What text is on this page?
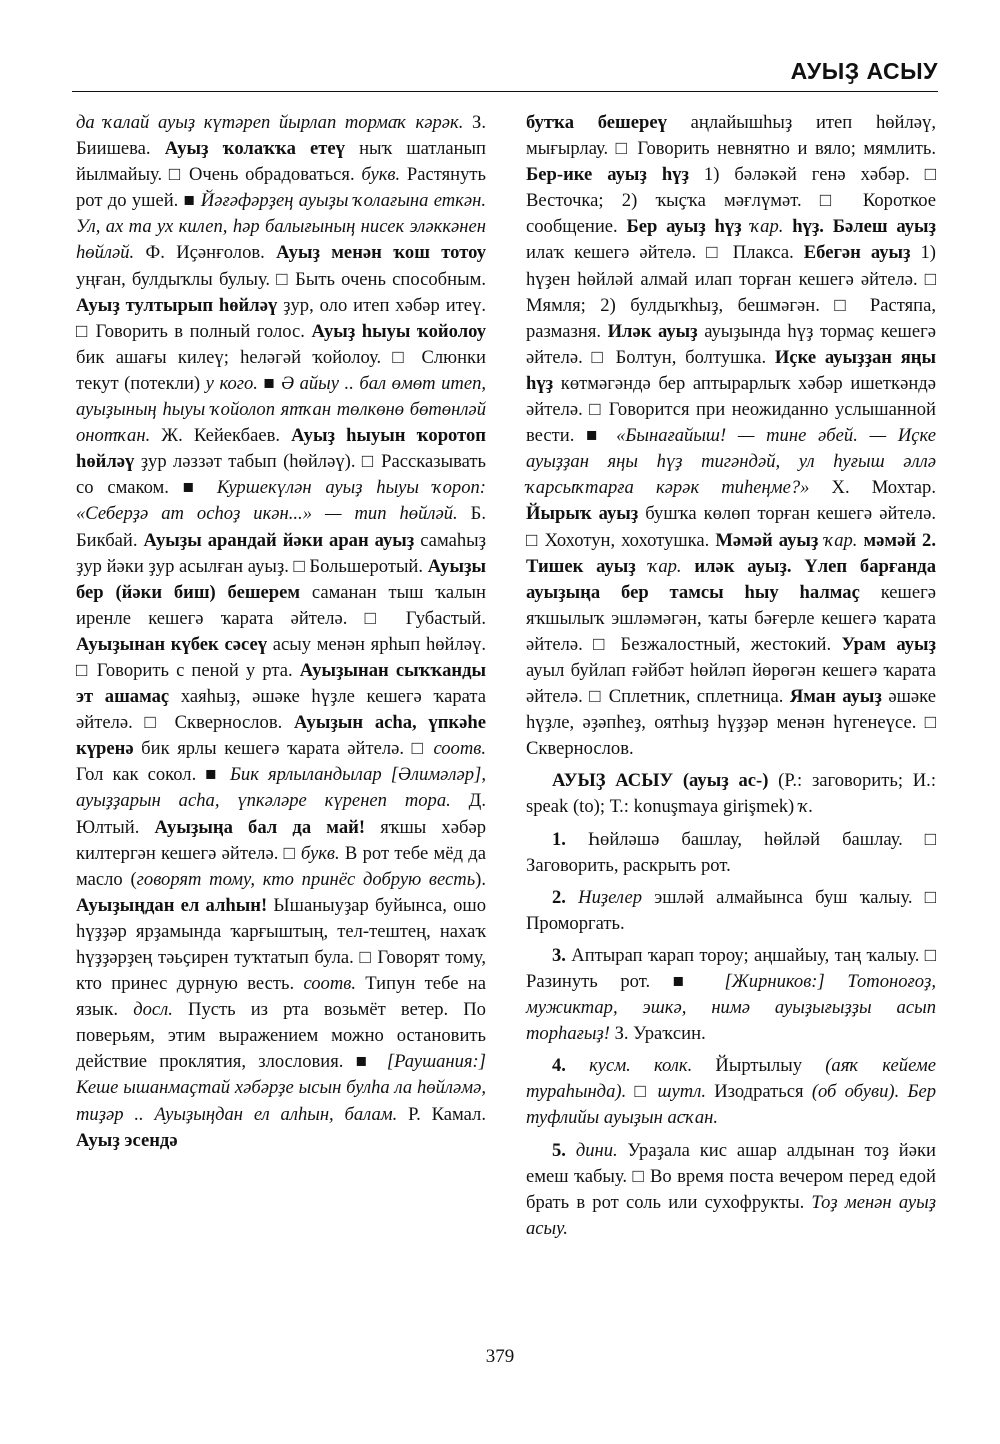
АУЫҘ АСЫУ

да ҡалай ауыҙ күтәреп йырлап тормаҡ кәрәк. З. Биишева. Ауыҙ ҡолаҡҡа етеү ныҡ шатланып йылмайыу. □ Очень обрадоваться. букв. Растянуть рот до ушей. ■ Йәғәфәрҙең ауыҙы ҡолағына еткән. Ул, ах та ух килеп, һәр балығының нисек эләккәнен һөйләй. Ф. Иҫәнғолов. Ауыҙ менән ҡош тотоу уңған, булдыҡлы булыу. □ Быть очень способным. Ауыҙ тултырып һөйләү ҙур, оло итеп хәбәр итеү. □ Говорить в полный голос. Ауыҙ һыуы ҡойолоу бик ашағы килеү; һеләгәй ҡойолоу. □ Слюнки текут (потекли) у кого. ■ Ә айыу .. бал өмөт итеп, ауыҙының һыуы ҡойолоп ятҡан төлкөнө бөтөнләй онотҡан. Ж. Кейекбаев. Ауыҙ һыуын ҡоротоп һөйләү ҙур ләззәт табып (һөйләү). □ Рассказывать со смаком. ■ Куршекүлән ауыҙ һыуы ҡороп: «Себерҙә ат осһоҙ икән...» — тип һөйләй. Б. Бикбай. Ауыҙы арандай йәки аран ауыҙ самаһыҙ ҙур йәки ҙур асылған ауыҙ. □ Большеротый. Ауыҙы бер (йәки биш) бешерем саманан тыш ҡалын иренле кешегә ҡарата әйтелә. □ Губастый. Ауыҙынан күбек сәсеү асыу менән ярһып һөйләү. □ Говорить с пеной у рта. Ауыҙынан сыҡҡанды эт ашамаҫ хаяһыҙ, әшәке һүҙле кешегә ҡарата әйтелә. □ Сквернослов. Ауыҙын асһа, үпкәһе күренә бик ярлы кешегә ҡарата әйтелә. □ соотв. Гол как сокол. ■ Бик ярлыландылар [Әлимәләр], ауыҙҙарын асһа, үпкәләре күренеп тора. Д. Юлтый. Ауыҙыңа бал да май! яҡшы хәбәр килтергән кешегә әйтелә. □ букв. В рот тебе мёд да масло (говорят тому, кто принёс добрую весть). Ауыҙыңдан ел алһын! Ышаныуҙар буйынса, ошо һүҙҙәр ярҙамында ҡарғыштың, тел-тештең, нахаҡ һүҙҙәрҙең тәьҫирен туҡтатып була. □ Говорят тому, кто принес дурную весть. соотв. Типун тебе на язык. досл. Пусть из рта возьмёт ветер. По поверьям, этим выражением можно остановить действие проклятия, злословия. ■ [Раушания:] Кеше ышанмаҫтай хәбәрҙе ысын булһа ла һөйләмә, тиҙәр .. Ауыҙыңдан ел алһын, балам. Р. Камал. Ауыҙ эсендә

бутҡа бешереү аңлайышһыҙ итеп һөйләү, мығырлау. □ Говорить невнятно и вяло; мямлить. Бер-ике ауыҙ һүҙ 1) бәләкәй генә хәбәр. □ Весточка; 2) ҡыҫҡа мәғлүмәт. □ Короткое сообщение. Бер ауыҙ һүҙ ҡар. һүҙ. Бәлеш ауыҙ илаҡ кешегә әйтелә. □ Плакса. Ебегән ауыҙ 1) һүҙен һөйләй алмай илап торған кешегә әйтелә. □ Мямля; 2) булдыҡһыҙ, бешмәгән. □ Растяпа, размазня. Иләк ауыҙ ауыҙында һүҙ тормаҫ кешегә әйтелә. □ Болтун, болтушка. Иҫке ауыҙҙан яңы һүҙ көтмәгәндә бер аптырарлыҡ хәбәр ишеткәндә әйтелә. □ Говорится при неожиданно услышанной вести. ■ «Бынағайыш! — тине әбей. — Иҫке ауыҙҙан яңы һүҙ тигәндәй, ул һуғыш әллә ҡарсыҡтарға кәрәк тиһеңме?» Х. Мохтар. Йырыҡ ауыҙ бушҡа көлөп торған кешегә әйтелә. □ Хохотун, хохотушка. Мәмәй ауыҙ ҡар. мәмәй 2. Тишек ауыҙ ҡар. иләк ауыҙ. Үлеп барғанда ауыҙыңа бер тамсы һыу һалмаҫ кешегә яҡшылыҡ эшләмәгән, ҡаты бәғерле кешегә ҡарата әйтелә. □ Безжалостный, жестокий. Урам ауыҙ ауыл буйлап ғәйбәт һөйләп йөрөгән кешегә ҡарата әйтелә. □ Сплетник, сплетница. Яман ауыҙ әшәке һүҙле, әҙәпһеҙ, оятһыҙ һүҙҙәр менән һүгенеүсе. □ Сквернослов.

АУЫҘ АСЫУ (ауыҙ ас-) (Р.: заговорить; И.: speak (to); Т.: konuşmaya girişmek) ҡ.

1. Һөйләшә башлау, һөйләй башлау. □ Заговорить, раскрыть рот.

2. Ниҙелер эшләй алмайынса буш ҡалыу. □ Проморгать.

3. Аптырап ҡарап тороу; аңшайыу, таң ҡалыу. □ Разинуть рот. ■ [Жирников:] Тотоноғоҙ, мужиктар, эшкә, нимә ауыҙығыҙҙы асып торһағыҙ! З. Ураҡсин.

4. кусм. колк. Йыртылыу (аяҡ кейеме тураһында). □ шутл. Изодраться (об обуви). Бер туфлийы ауыҙын асҡан.

5. дини. Ураҙала кис ашар алдынан тоҙ йәки емеш ҡабыу. □ Во время поста вечером перед едой брать в рот соль или сухофрукты. Тоҙ менән ауыҙ асыу.

379
